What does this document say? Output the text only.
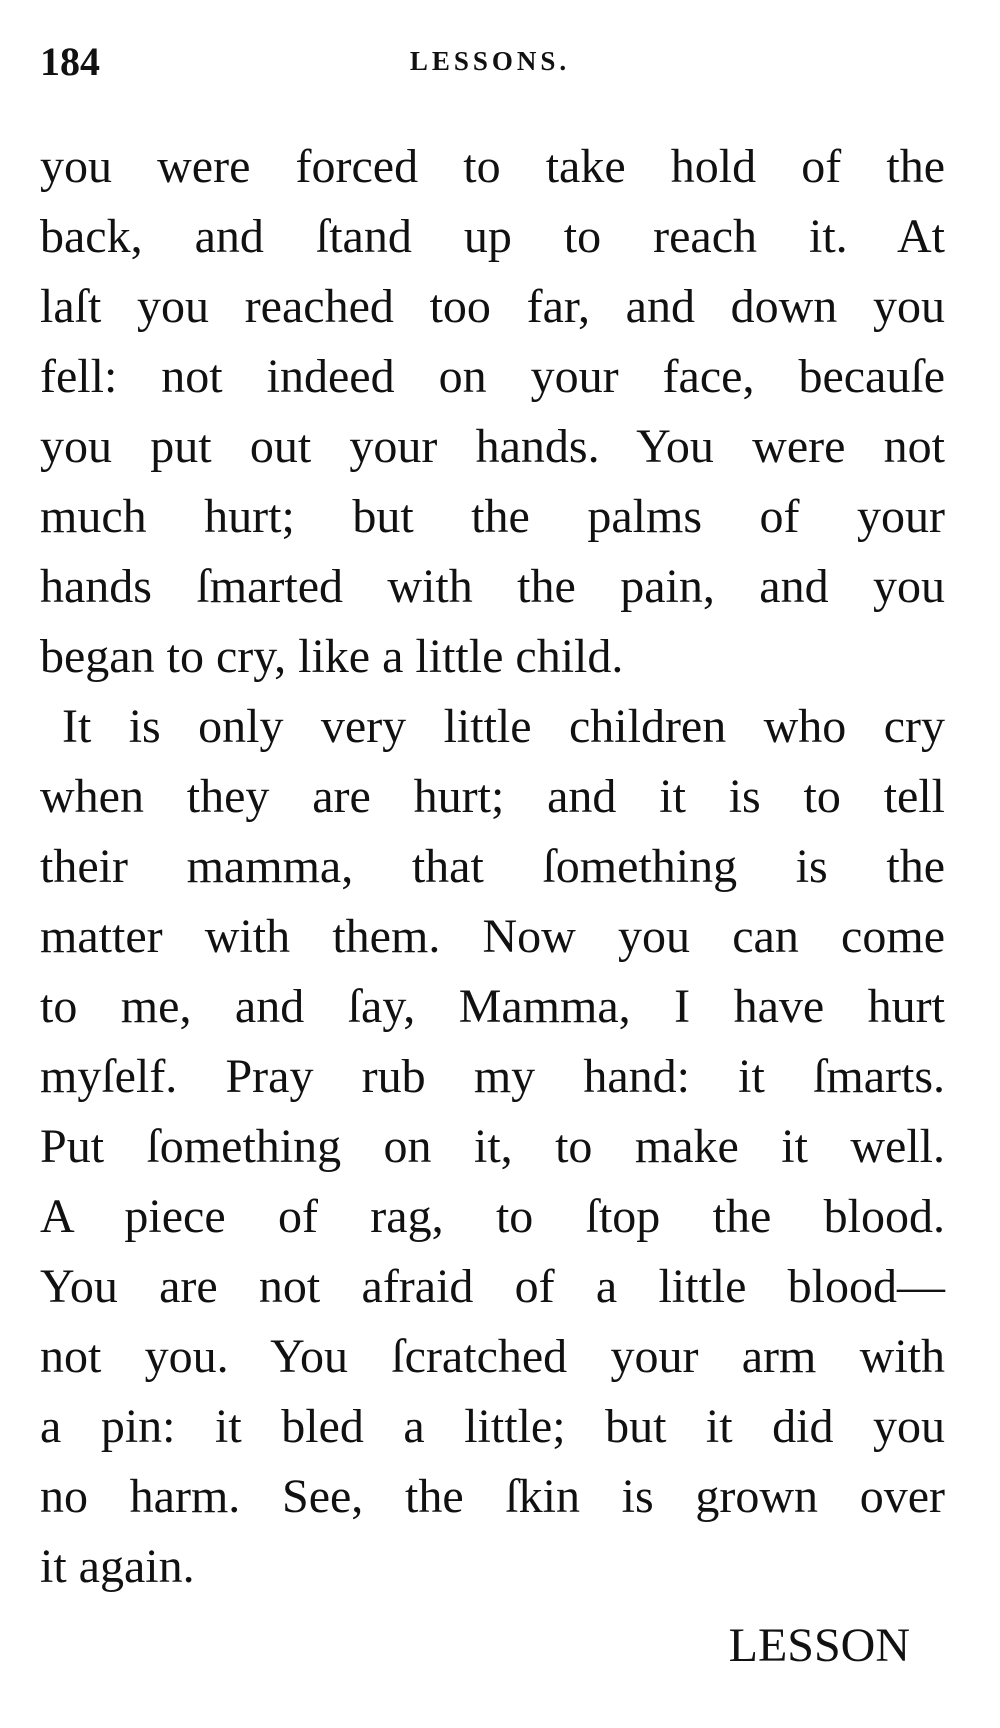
184	LESSONS.
you were forced to take hold of the
back, and ſtand up to reach it. At
laſt you reached too far, and down you
fell: not indeed on your face, becauſe
you put out your hands. You were not
much hurt; but the palms of your
hands ſmarted with the pain, and you
began to cry, like a little child.
It is only very little children who cry
when they are hurt; and it is to tell
their mamma, that ſomething is the
matter with them. Now you can come
to me, and ſay, Mamma, I have hurt
myſelf. Pray rub my hand: it ſmarts.
Put ſomething on it, to make it well.
A piece of rag, to ſtop the blood.
You are not afraid of a little blood—
not you. You ſcratched your arm with
a pin: it bled a little; but it did you
no harm. See, the ſkin is grown over
it again.
LESSON
